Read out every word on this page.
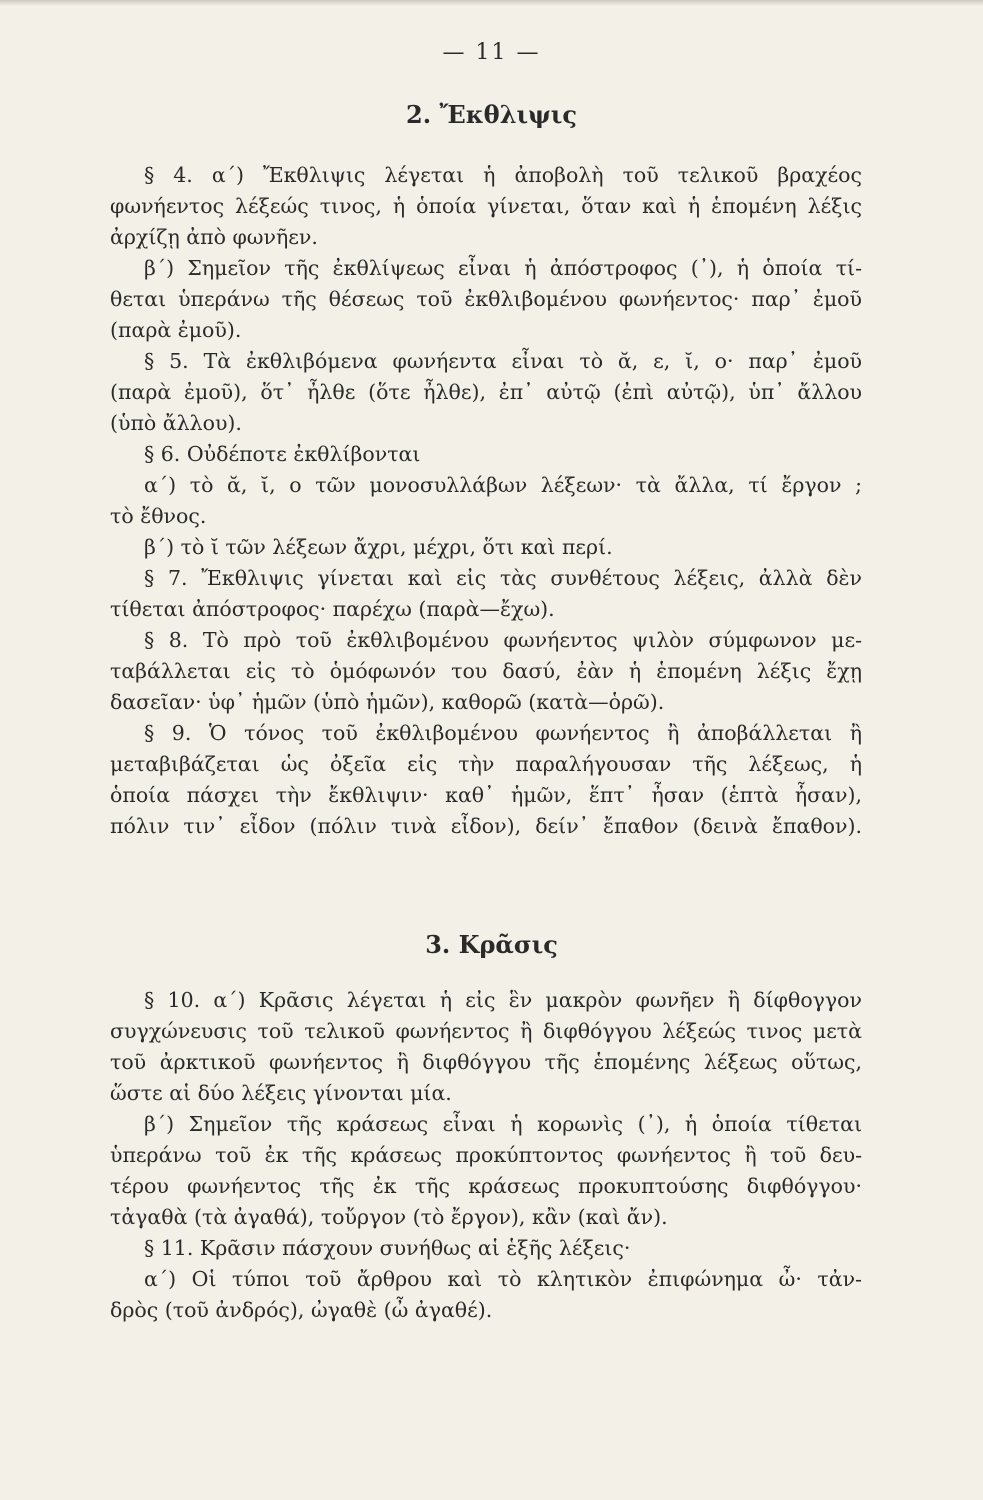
— 11 —
2. Ἔκθλιψις
§ 4. α΄) Ἔκθλιψις λέγεται ἡ ἀποβολὴ τοῦ τελικοῦ βραχέος
φωνήεντος λέξεώς τινος, ἡ ὁποία γίνεται, ὅταν καὶ ἡ ἑπομένη λέξις
ἀρχίζῃ ἀπὸ φωνῆεν.
β΄) Σημεῖον τῆς ἐκθλίψεως εἶναι ἡ ἀπόστροφος (᾿), ἡ ὁποία τί-
θεται ὑπεράνω τῆς θέσεως τοῦ ἐκθλιβομένου φωνήεντος· παρ᾿ ἐμοῦ
(παρὰ ἐμοῦ).
§ 5. Τὰ ἐκθλιβόμενα φωνήεντα εἶναι τὸ ᾰ, ε, ῐ, ο· παρ᾿ ἐμοῦ
(παρὰ ἐμοῦ), ὅτ᾿ ἦλθε (ὅτε ἦλθε), ἐπ᾿ αὐτῷ (ἐπὶ αὐτῷ), ὑπ᾿ ἄλλου
(ὑπὸ ἄλλου).
§ 6. Οὐδέποτε ἐκθλίβονται
α΄) τὸ ᾰ, ῐ, ο τῶν μονοσυλλάβων λέξεων· τὰ ἄλλα, τί ἔργον ;
τὸ ἔθνος.
β΄) τὸ ῐ τῶν λέξεων ἄχρι, μέχρι, ὅτι καὶ περί.
§ 7. Ἔκθλιψις γίνεται καὶ εἰς τὰς συνθέτους λέξεις, ἀλλὰ δὲν
τίθεται ἀπόστροφος· παρέχω (παρὰ—ἔχω).
§ 8. Τὸ πρὸ τοῦ ἐκθλιβομένου φωνήεντος ψιλὸν σύμφωνον με-
ταβάλλεται εἰς τὸ ὁμόφωνόν του δασύ, ἐὰν ἡ ἑπομένη λέξις ἔχῃ
δασεῖαν· ὑφ᾿ ἡμῶν (ὑπὸ ἡμῶν), καθορῶ (κατὰ—ὁρῶ).
§ 9. Ὁ τόνος τοῦ ἐκθλιβομένου φωνήεντος ἢ ἀποβάλλεται ἢ
μεταβιβάζεται ὡς ὀξεῖα εἰς τὴν παραλήγουσαν τῆς λέξεως, ἡ
ὁποία πάσχει τὴν ἔκθλιψιν· καθ᾿ ἡμῶν, ἕπτ᾿ ἦσαν (ἑπτὰ ἦσαν),
πόλιν τιν᾿ εἶδον (πόλιν τινὰ εἶδον), δείν᾿ ἔπαθον (δεινὰ ἔπαθον).
3. Κρᾶσις
§ 10. α΄) Κρᾶσις λέγεται ἡ εἰς ἓν μακρὸν φωνῆεν ἢ δίφθογγον
συγχώνευσις τοῦ τελικοῦ φωνήεντος ἢ διφθόγγου λέξεώς τινος μετὰ
τοῦ ἀρκτικοῦ φωνήεντος ἢ διφθόγγου τῆς ἑπομένης λέξεως οὕτως,
ὥστε αἱ δύο λέξεις γίνονται μία.
β΄) Σημεῖον τῆς κράσεως εἶναι ἡ κορωνὶς (᾿), ἡ ὁποία τίθεται
ὑπεράνω τοῦ ἐκ τῆς κράσεως προκύπτοντος φωνήεντος ἢ τοῦ δευ-
τέρου φωνήεντος τῆς ἐκ τῆς κράσεως προκυπτούσης διφθόγγου·
τἀγαθὰ (τὰ ἀγαθά), τοὔργον (τὸ ἔργον), κἂν (καὶ ἄν).
§ 11. Κρᾶσιν πάσχουν συνήθως αἱ ἑξῆς λέξεις·
α΄) Οἱ τύποι τοῦ ἄρθρου καὶ τὸ κλητικὸν ἐπιφώνημα ὦ· τἀν-
δρὸς (τοῦ ἀνδρός), ὠγαθὲ (ὦ ἀγαθέ).
